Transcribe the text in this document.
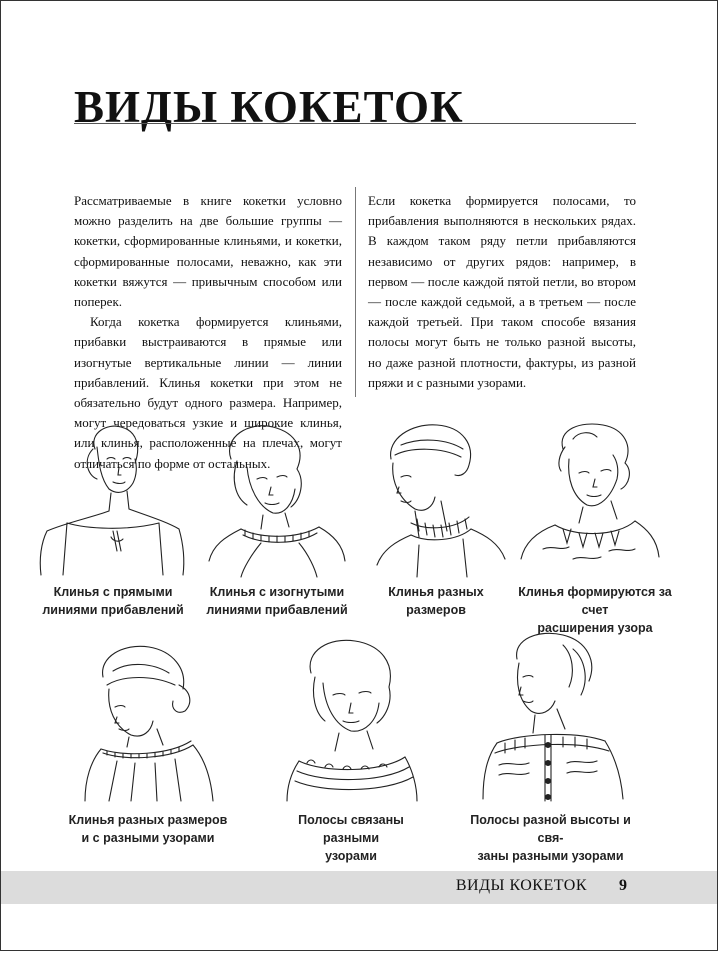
ВИДЫ КОКЕТОК

Рассматриваемые в книге кокетки условно можно разделить на две большие группы — кокетки, сформированные клиньями, и кокетки, сформированные полосами, неважно, как эти кокетки вяжутся — привычным способом или поперек.

Когда кокетка формируется клиньями, прибавки выстраиваются в прямые или изогнутые вертикальные линии — линии прибавлений. Клинья кокетки при этом не обязательно будут одного размера. Например, могут чередоваться узкие и широкие клинья, или клинья, расположенные на плечах, могут отличаться по форме от остальных.

Если кокетка формируется полосами, то прибавления выполняются в нескольких рядах. В каждом таком ряду петли прибавляются независимо от других рядов: например, в первом — после каждой пятой петли, во втором — после каждой седьмой, а в третьем — после каждой третьей. При таком способе вязания полосы могут быть не только разной высоты, но даже разной плотности, фактуры, из разной пряжи и с разными узорами.

Клинья с прямыми
линиями прибавлений
Клинья с изогнутыми
линиями прибавлений
Клинья разных размеров
Клинья формируются за счет
расширения узора
Клинья разных размеров
и с разными узорами
Полосы связаны разными
узорами
Полосы разной высоты и свя-
заны разными узорами
ВИДЫ КОКЕТОК 9
